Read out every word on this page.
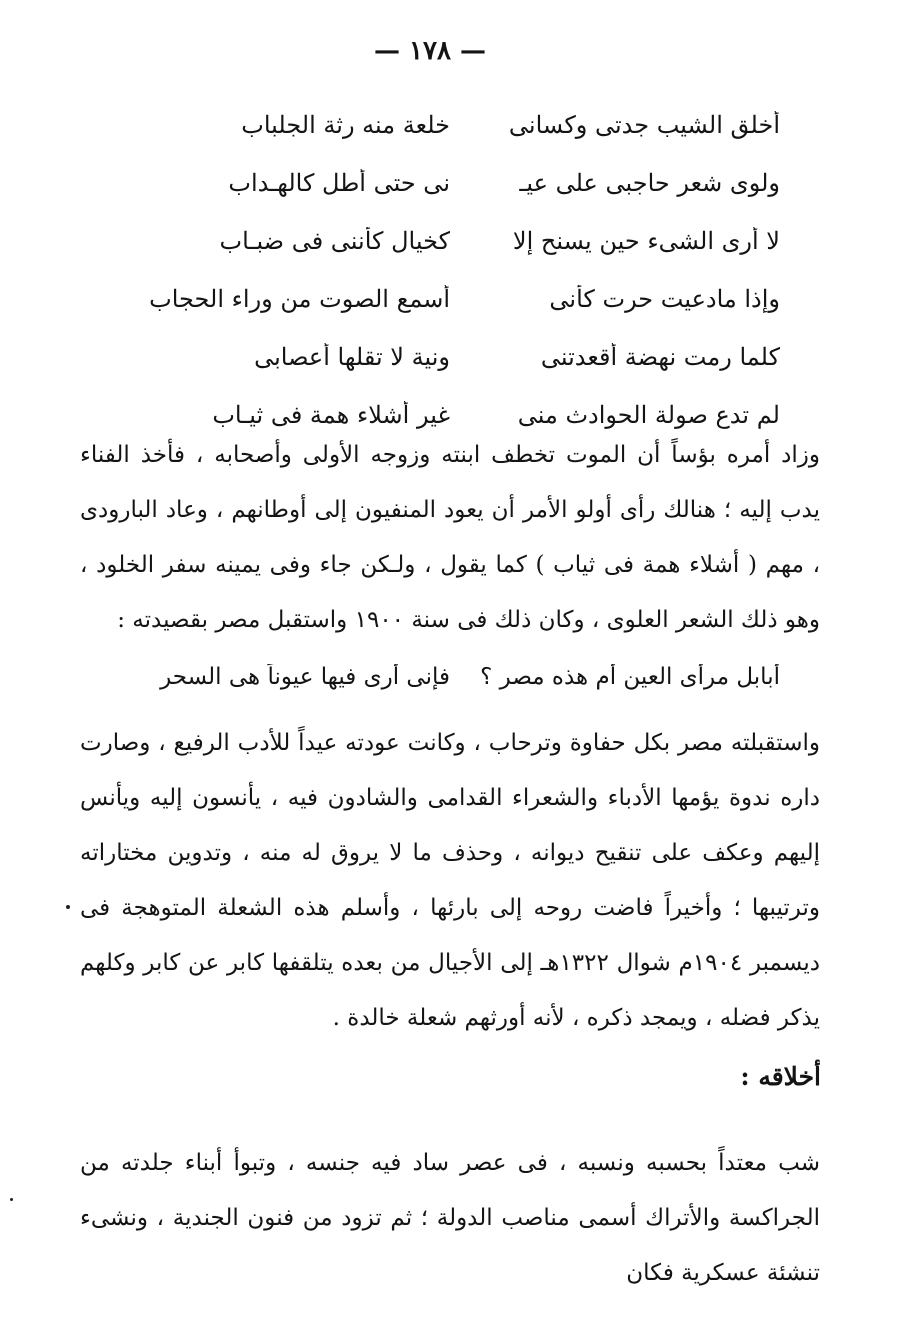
— ١٧٨ —
أخلق الشيب جدتى وكسانى
خلعة منه رثة الجلباب
ولوى شعر حاجبى على عيـ
نى حتى أطل كالهـداب
لا أرى الشىء حين يسنح إلا
كخيال كأننى فى ضبـاب
وإذا مادعيت حرت كأنى
أسمع الصوت من وراء الحجاب
كلما رمت نهضة أقعدتنى
ونية لا تقلها أعصابى
لم تدع صولة الحوادث منى
غير أشلاء همة فى ثيـاب

وزاد أمره بؤساً أن الموت تخطف ابنته وزوجه الأولى وأصحابه ، فأخذ الفناء يدب إليه ؛ هنالك رأى أولو الأمر أن يعود المنفيون إلى أوطانهم ، وعاد البارودى ، مهم ( أشلاء همة فى ثياب ) كما يقول ، ولـكن جاء وفى يمينه سفر الخلود ، وهو ذلك الشعر العلوى ، وكان ذلك فى سنة ١٩٠٠ واستقبل مصر بقصيدته :

أبابل مرأى العين أم هذه مصر ؟
فإنى أرى فيها عيوناً هى السحر

واستقبلته مصر بكل حفاوة وترحاب ، وكانت عودته عيداً للأدب الرفيع ، وصارت داره ندوة يؤمها الأدباء والشعراء القدامى والشادون فيه ، يأنسون إليه ويأنس إليهم وعكف على تنقيح ديوانه ، وحذف ما لا يروق له منه ، وتدوين مختاراته وترتيبها ؛ وأخيراً فاضت روحه إلى بارئها ، وأسلم هذه الشعلة المتوهجة فى ديسمبر ١٩٠٤م شوال ١٣٢٢هـ إلى الأجيال من بعده يتلقفها كابر عن كابر وكلهم يذكر فضله ، ويمجد ذكره ، لأنه أورثهم شعلة خالدة .

أخلاقه :

شب معتداً بحسبه ونسبه ، فى عصر ساد فيه جنسه ، وتبوأ أبناء جلدته من الجراكسة والأتراك أسمى مناصب الدولة ؛ ثم تزود من فنون الجندية ، ونشىء تنشئة عسكرية فكان
